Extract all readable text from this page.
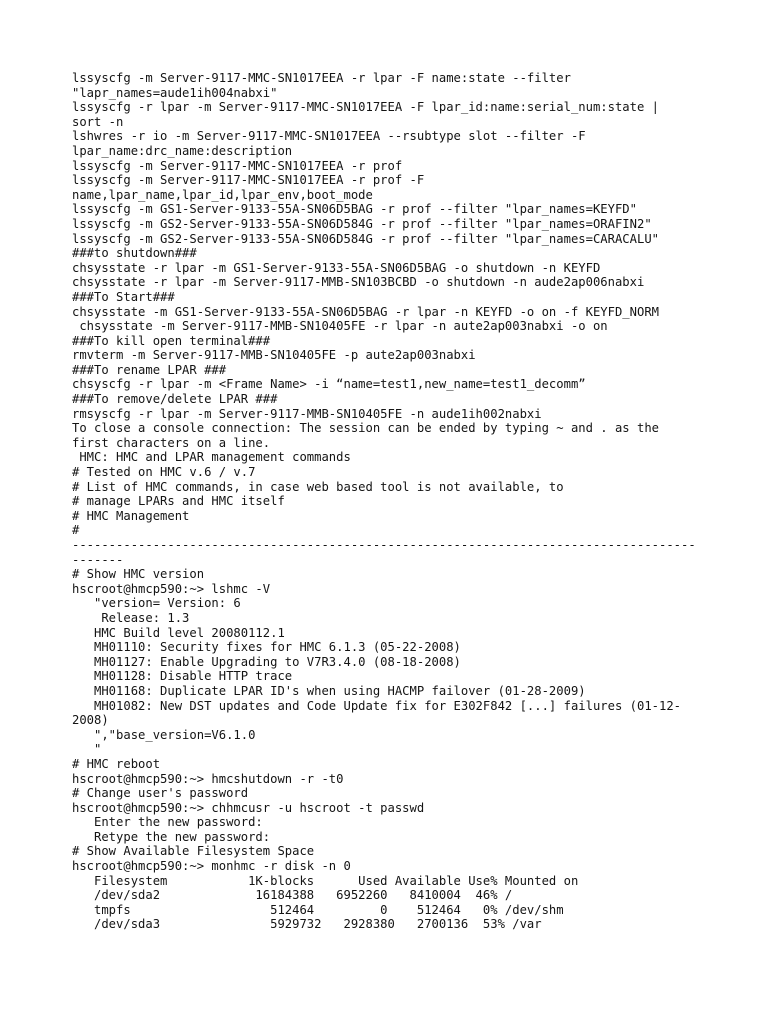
lssyscfg -m Server-9117-MMC-SN1017EEA -r lpar -F name:state --filter
"lapr_names=aude1ih004nabxi"
lssyscfg -r lpar -m Server-9117-MMC-SN1017EEA -F lpar_id:name:serial_num:state |
sort -n
lshwres -r io -m Server-9117-MMC-SN1017EEA --rsubtype slot --filter -F
lpar_name:drc_name:description
lssyscfg -m Server-9117-MMC-SN1017EEA -r prof
lssyscfg -m Server-9117-MMC-SN1017EEA -r prof -F
name,lpar_name,lpar_id,lpar_env,boot_mode
lssyscfg -m GS1-Server-9133-55A-SN06D5BAG -r prof --filter "lpar_names=KEYFD"
lssyscfg -m GS2-Server-9133-55A-SN06D584G -r prof --filter "lpar_names=ORAFIN2"
lssyscfg -m GS2-Server-9133-55A-SN06D584G -r prof --filter "lpar_names=CARACALU"
###to shutdown###
chsysstate -r lpar -m GS1-Server-9133-55A-SN06D5BAG -o shutdown -n KEYFD
chsysstate -r lpar -m Server-9117-MMB-SN103BCBD -o shutdown -n aude2ap006nabxi
###To Start###
chsysstate -m GS1-Server-9133-55A-SN06D5BAG -r lpar -n KEYFD -o on -f KEYFD_NORM
chsysstate -m Server-9117-MMB-SN10405FE -r lpar -n aute2ap003nabxi -o on
###To kill open terminal###
rmvterm -m Server-9117-MMB-SN10405FE -p aute2ap003nabxi
###To rename LPAR ###
chsyscfg -r lpar -m <Frame Name> -i “name=test1,new_name=test1_decomm”
###To remove/delete LPAR ###
rmsyscfg -r lpar -m Server-9117-MMB-SN10405FE -n aude1ih002nabxi
To close a console connection: The session can be ended by typing ~ and . as the
first characters on a line.
HMC: HMC and LPAR management commands
# Tested on HMC v.6 / v.7
# List of HMC commands, in case web based tool is not available, to
# manage LPARs and HMC itself
# HMC Management
#
-------------------------------------------------------------------------------------
-------
# Show HMC version
hscroot@hmcp590:~> lshmc -V
"version= Version: 6
Release: 1.3
HMC Build level 20080112.1
MH01110: Security fixes for HMC 6.1.3 (05-22-2008)
MH01127: Enable Upgrading to V7R3.4.0 (08-18-2008)
MH01128: Disable HTTP trace
MH01168: Duplicate LPAR ID's when using HACMP failover (01-28-2009)
MH01082: New DST updates and Code Update fix for E302F842 [...] failures (01-12-
2008)
","base_version=V6.1.0
"
# HMC reboot
hscroot@hmcp590:~> hmcshutdown -r -t0
# Change user's password
hscroot@hmcp590:~> chhmcusr -u hscroot -t passwd
Enter the new password:
Retype the new password:
# Show Available Filesystem Space
hscroot@hmcp590:~> monhmc -r disk -n 0
Filesystem           1K-blocks      Used Available Use% Mounted on
/dev/sda2             16184388   6952260   8410004  46% /
tmpfs                   512464         0    512464   0% /dev/shm
/dev/sda3               5929732   2928380   2700136  53% /var
